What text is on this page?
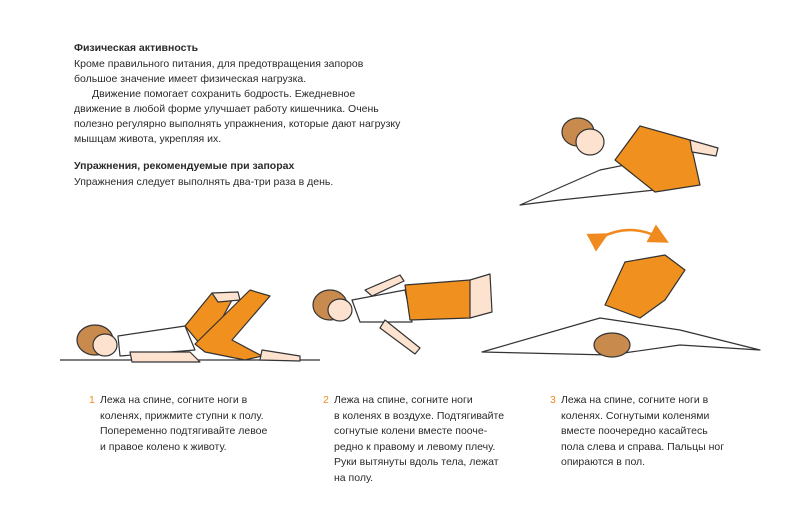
Физическая активность

Кроме правильного питания, для предотвращения запоров большое значение имеет физическая нагрузка.

Движение помогает сохранить бодрость. Ежедневное движение в любой форме улучшает работу кишечника. Очень полезно регулярно выполнять упражнения, которые дают нагрузку мышцам живота, укрепляя их.

Упражнения, рекомендуемые при запорах

Упражнения следует выполнять два-три раза в день.

1 Лежа на спине, согните ноги в
коленях, прижмите ступни к полу.
Попеременно подтягивайте левое
и правое колено к животу.
2 Лежа на спине, согните ноги
в коленях в воздухе. Подтягивайте
согнутые колени вместе пооче-
редно к правому и левому плечу.
Руки вытянуты вдоль тела, лежат
на полу.
3 Лежа на спине, согните ноги в
коленях. Согнутыми коленями
вместе поочередно касайтесь
пола слева и справа. Пальцы ног
опираются в пол.
